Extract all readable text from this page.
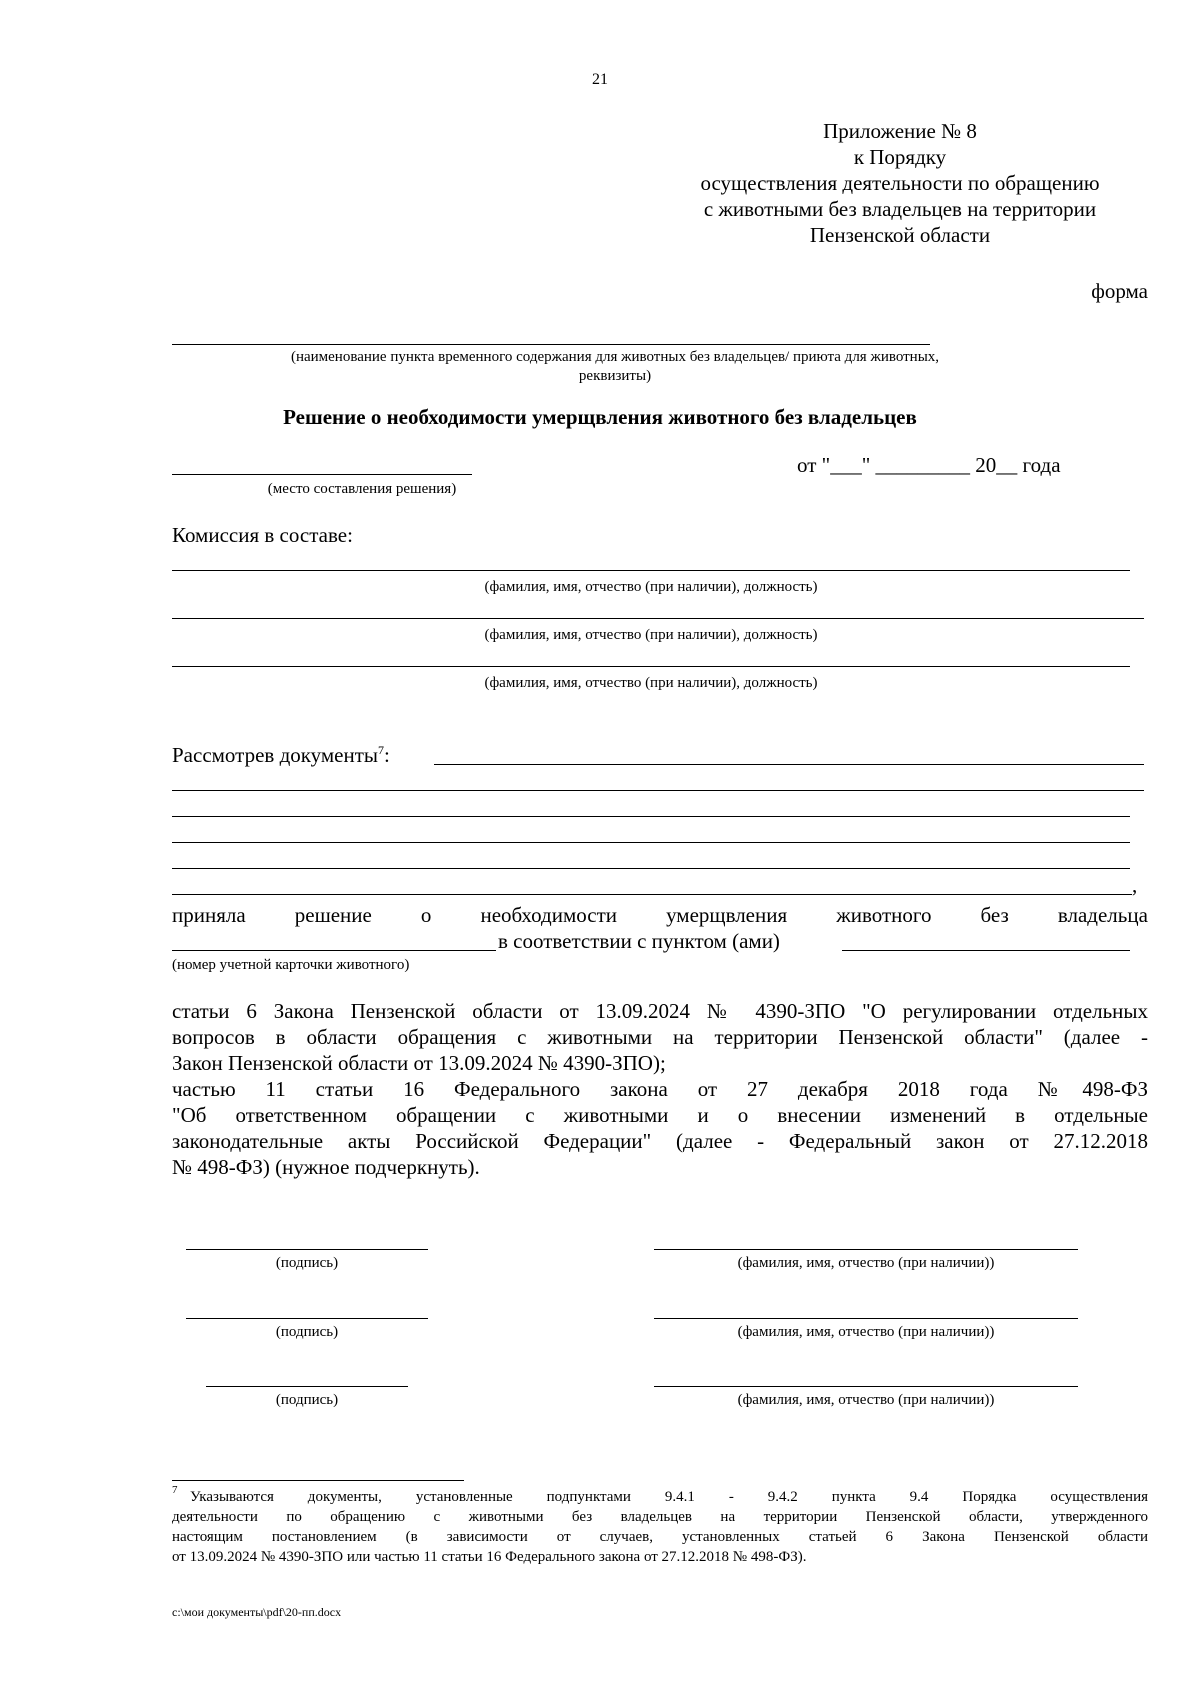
21
Приложение № 8
к Порядку
осуществления деятельности по обращению
с животными без владельцев на территории
Пензенской области
форма
(наименование пункта временного содержания для животных без владельцев/ приюта для животных,
реквизиты)
Решение о необходимости умерщвления животного без владельцев
от "___" _________ 20__ года
(место составления решения)
Комиссия в составе:
(фамилия, имя, отчество (при наличии), должность)
(фамилия, имя, отчество (при наличии), должность)
(фамилия, имя, отчество (при наличии), должность)
Рассмотрев документы$^7$:
,
приняла решение о необходимости умерщвления животного без владельца
в соответствии с пунктом (ами)
(номер учетной карточки животного)
статьи 6 Закона Пензенской области от 13.09.2024 № 4390-ЗПО "О регулировании отдельных
вопросов в области обращения с животными на территории Пензенской области" (далее -
Закон Пензенской области от 13.09.2024 № 4390-ЗПО);
частью 11 статьи 16 Федерального закона от 27 декабря 2018 года №498-ФЗ
"Об ответственном обращении с животными и о внесении изменений в отдельные
законодательные акты Российской Федерации" (далее - Федеральный закон от 27.12.2018
№ 498-ФЗ) (нужное подчеркнуть).
(подпись)	(фамилия, имя, отчество (при наличии))
(подпись)	(фамилия, имя, отчество (при наличии))
(подпись)	(фамилия, имя, отчество (при наличии))
$^7$ Указываются документы, установленные подпунктами 9.4.1 - 9.4.2 пункта 9.4 Порядка осуществления
деятельности по обращению с животными без владельцев на территории Пензенской области, утвержденного
настоящим постановлением (в зависимости от случаев, установленных статьей 6 Закона Пензенской области
от 13.09.2024 № 4390-ЗПО или частью 11 статьи 16 Федерального закона от 27.12.2018 № 498-ФЗ).
c:\мои документы\pdf\20-пп.docx
